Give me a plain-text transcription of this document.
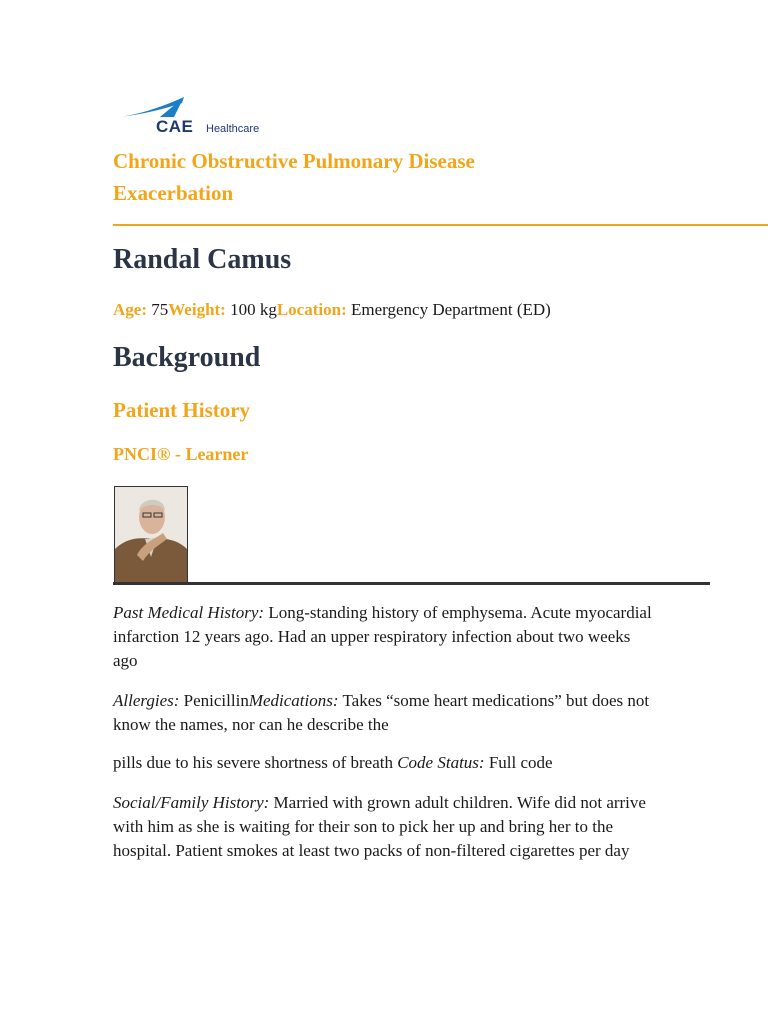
CAE Healthcare
Chronic Obstructive Pulmonary Disease
Exacerbation
Randal Camus
Age: 75Weight: 100 kgLocation: Emergency Department (ED)
Background
Patient History
PNCI® - Learner

Past Medical History: Long-standing history of emphysema. Acute myocardial infarction 12 years ago. Had an upper respiratory infection about two weeks ago

Allergies: PenicillinMedications: Takes “some heart medications” but does not know the names, nor can he describe the

pills due to his severe shortness of breath Code Status: Full code

Social/Family History: Married with grown adult children. Wife did not arrive with him as she is waiting for their son to pick her up and bring her to the hospital. Patient smokes at least two packs of non-filtered cigarettes per day
